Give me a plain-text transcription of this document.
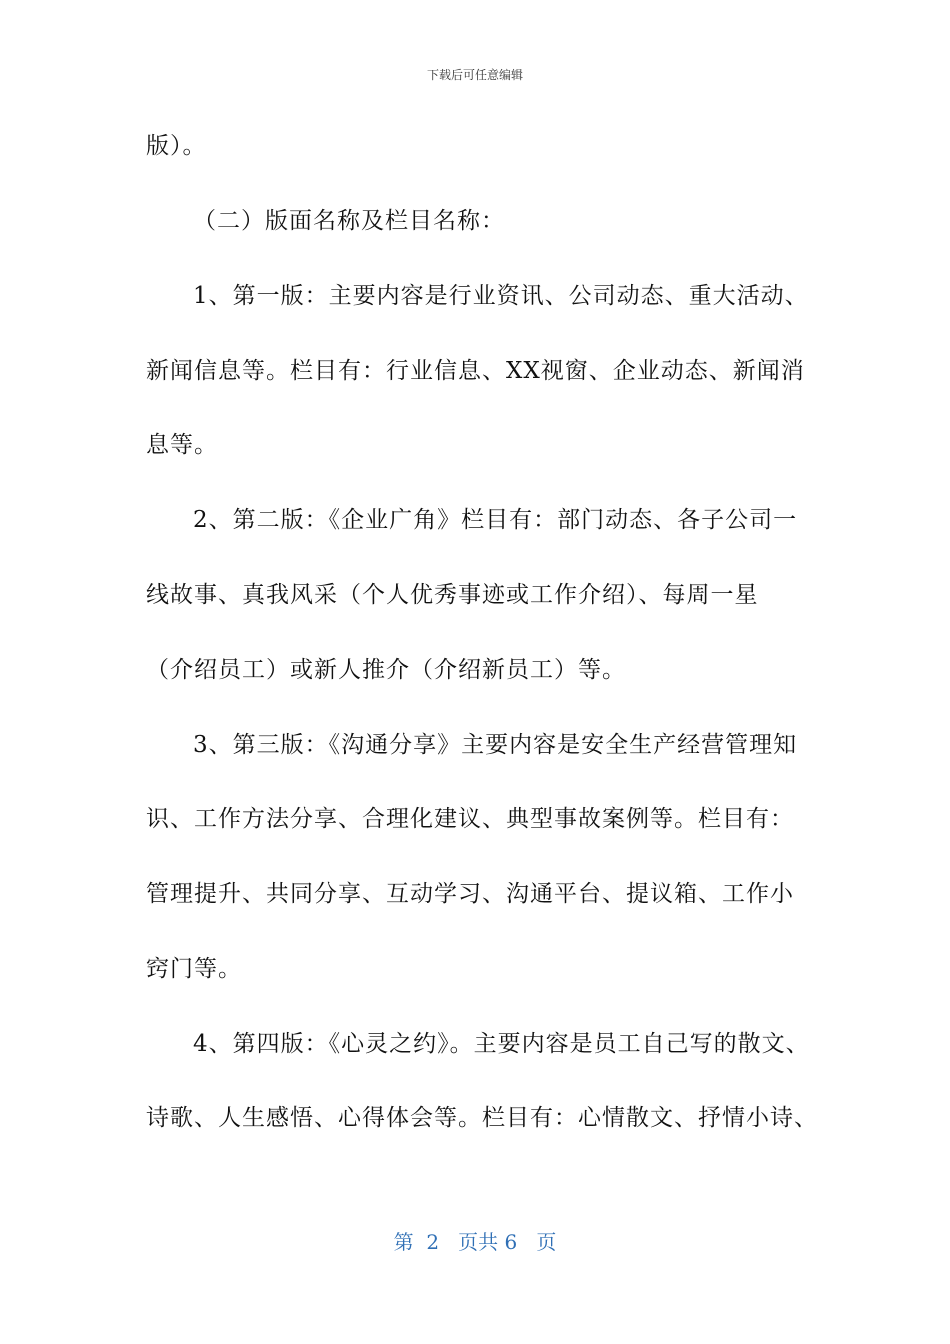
下载后可任意编辑
版）。
（二）版面名称及栏目名称：
1、第一版：主要内容是行业资讯、公司动态、重大活动、
新闻信息等。栏目有：行业信息、XX视窗、企业动态、新闻消
息等。
2、第二版：《企业广角》栏目有：部门动态、各子公司一
线故事、真我风采（个人优秀事迹或工作介绍）、每周一星
（介绍员工）或新人推介（介绍新员工）等。
3、第三版：《沟通分享》主要内容是安全生产经营管理知
识、工作方法分享、合理化建议、典型事故案例等。栏目有：
管理提升、共同分享、互动学习、沟通平台、提议箱、工作小
窍门等。
4、第四版：《心灵之约》。主要内容是员工自己写的散文、
诗歌、人生感悟、心得体会等。栏目有：心情散文、抒情小诗、
第  2   页共 6   页
